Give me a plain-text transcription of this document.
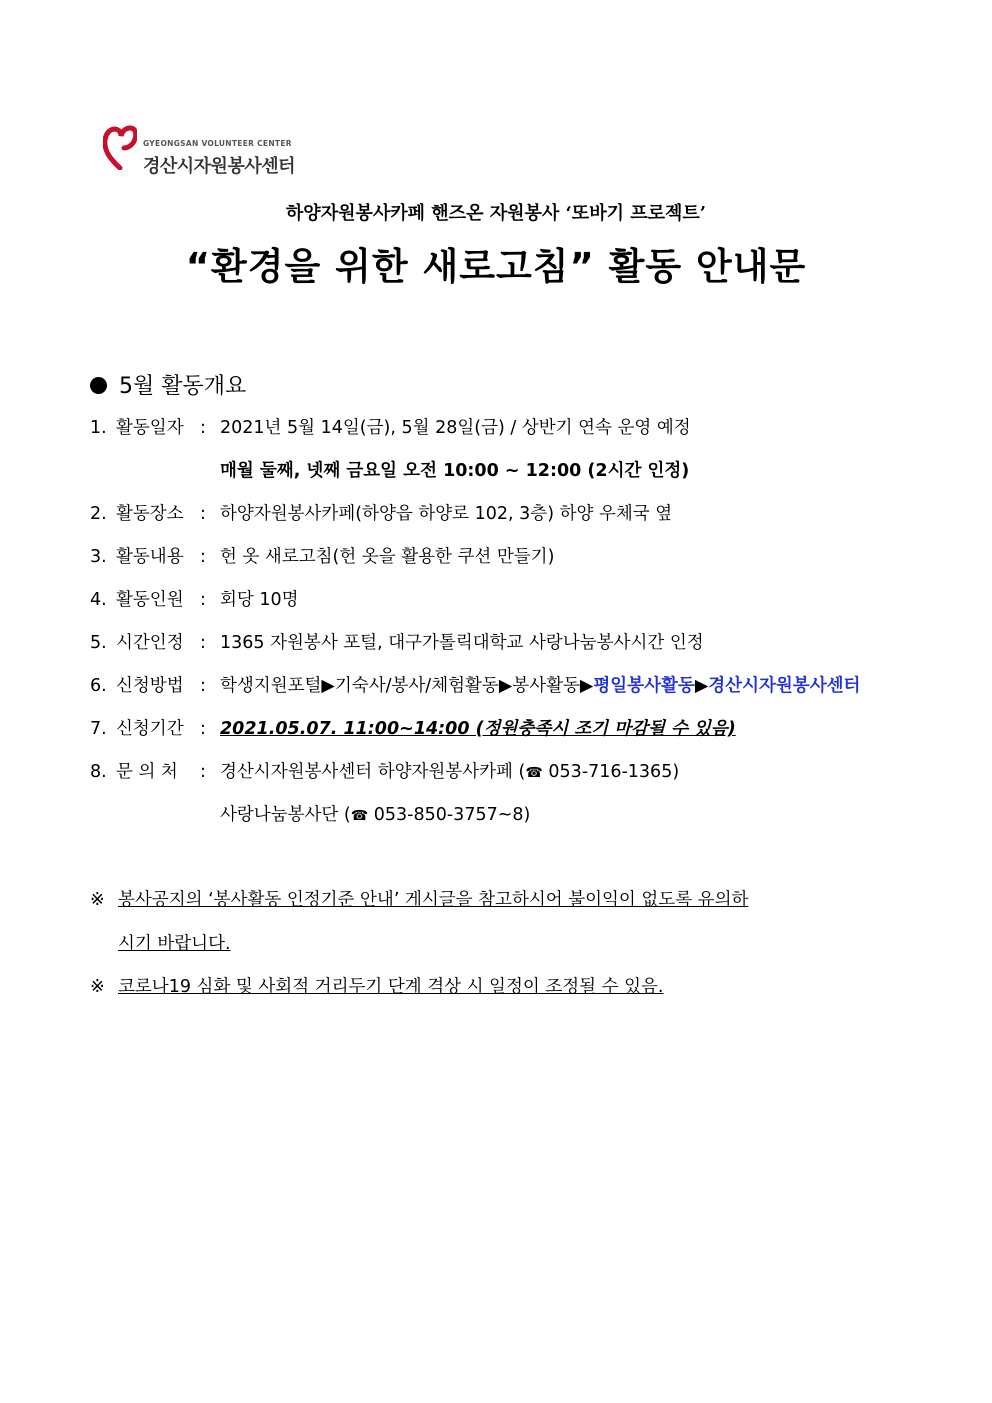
GYEONGSAN VOLUNTEER CENTER
경산시자원봉사센터
하양자원봉사카페 핸즈온 자원봉사 ‘또바기 프로젝트’
“환경을 위한 새로고침” 활동 안내문
5월 활동개요
1. 활동일자 : 2021년 5월 14일(금), 5월 28일(금) / 상반기 연속 운영 예정
매월 둘째, 넷째 금요일 오전 10:00 ~ 12:00 (2시간 인정)
2. 활동장소 : 하양자원봉사카페(하양읍 하양로 102, 3층) 하양 우체국 옆
3. 활동내용 : 헌 옷 새로고침(헌 옷을 활용한 쿠션 만들기)
4. 활동인원 : 회당 10명
5. 시간인정 : 1365 자원봉사 포털, 대구가톨릭대학교 사랑나눔봉사시간 인정
6. 신청방법 : 학생지원포털▶기숙사/봉사/체험활동▶봉사활동▶평일봉사활동▶경산시자원봉사센터
7. 신청기간 : 2021.05.07. 11:00~14:00 (정원충족시 조기 마감될 수 있음)
8. 문 의 처 : 경산시자원봉사센터 하양자원봉사카페 (☎ 053-716-1365)
사랑나눔봉사단 (☎ 053-850-3757~8)
※ 봉사공지의 ‘봉사활동 인정기준 안내’ 게시글을 참고하시어 불이익이 없도록 유의하
시기 바랍니다.
※ 코로나19 심화 및 사회적 거리두기 단계 격상 시 일정이 조정될 수 있음.
